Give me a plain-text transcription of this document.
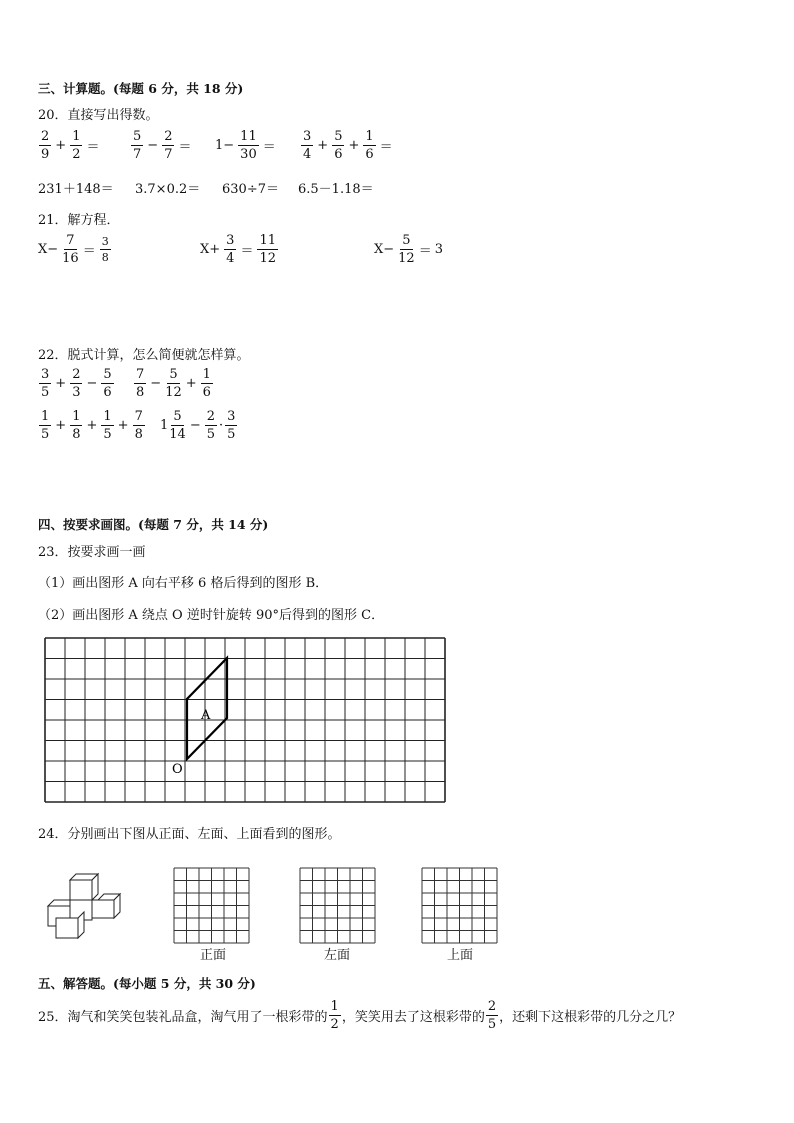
三、计算题。(每题 6 分，共 18 分)
20．直接写出得数。
$\frac{2}{9} + \frac{1}{2} = \frac{5}{7} - \frac{2}{7} = 1- \frac{11}{30} = \frac{3}{4} + \frac{5}{6} + \frac{1}{6}$ ＝
231＋148＝ 3.7×0.2＝ 630÷7＝ 6.5－1.18＝
21．解方程．
$X- \frac{7}{16} = \frac{3}{8}$	$X+ \frac{3}{4} = \frac{11}{12}$	$X- \frac{5}{12} = 3$
22．脱式计算，怎么简便就怎样算。
$\frac{3}{5} + \frac{2}{3} - \frac{5}{6} \frac{7}{8} - \frac{5}{12} + \frac{1}{6}$
$\frac{1}{5} + \frac{1}{8} + \frac{1}{5} + \frac{7}{8} 1 \frac{5}{14} - \frac{2}{5} \cdot \frac{3}{5}$
四、按要求画图。(每题 7 分，共 14 分)
23．按要求画一画
（1）画出图形 A 向右平移 6 格后得到的图形 B．
（2）画出图形 A 绕点 O 逆时针旋转 90°后得到的图形 C．
A
O
24．分别画出下图从正面、左面、上面看到的图形。
正面	左面	上面
五、解答题。(每小题 5 分，共 30 分)
25．淘气和笑笑包装礼品盒，淘气用了一根彩带的 $\frac{1}{2}$ ，笑笑用去了这根彩带的 $\frac{2}{5}$ ，还剩下这根彩带的几分之几？
